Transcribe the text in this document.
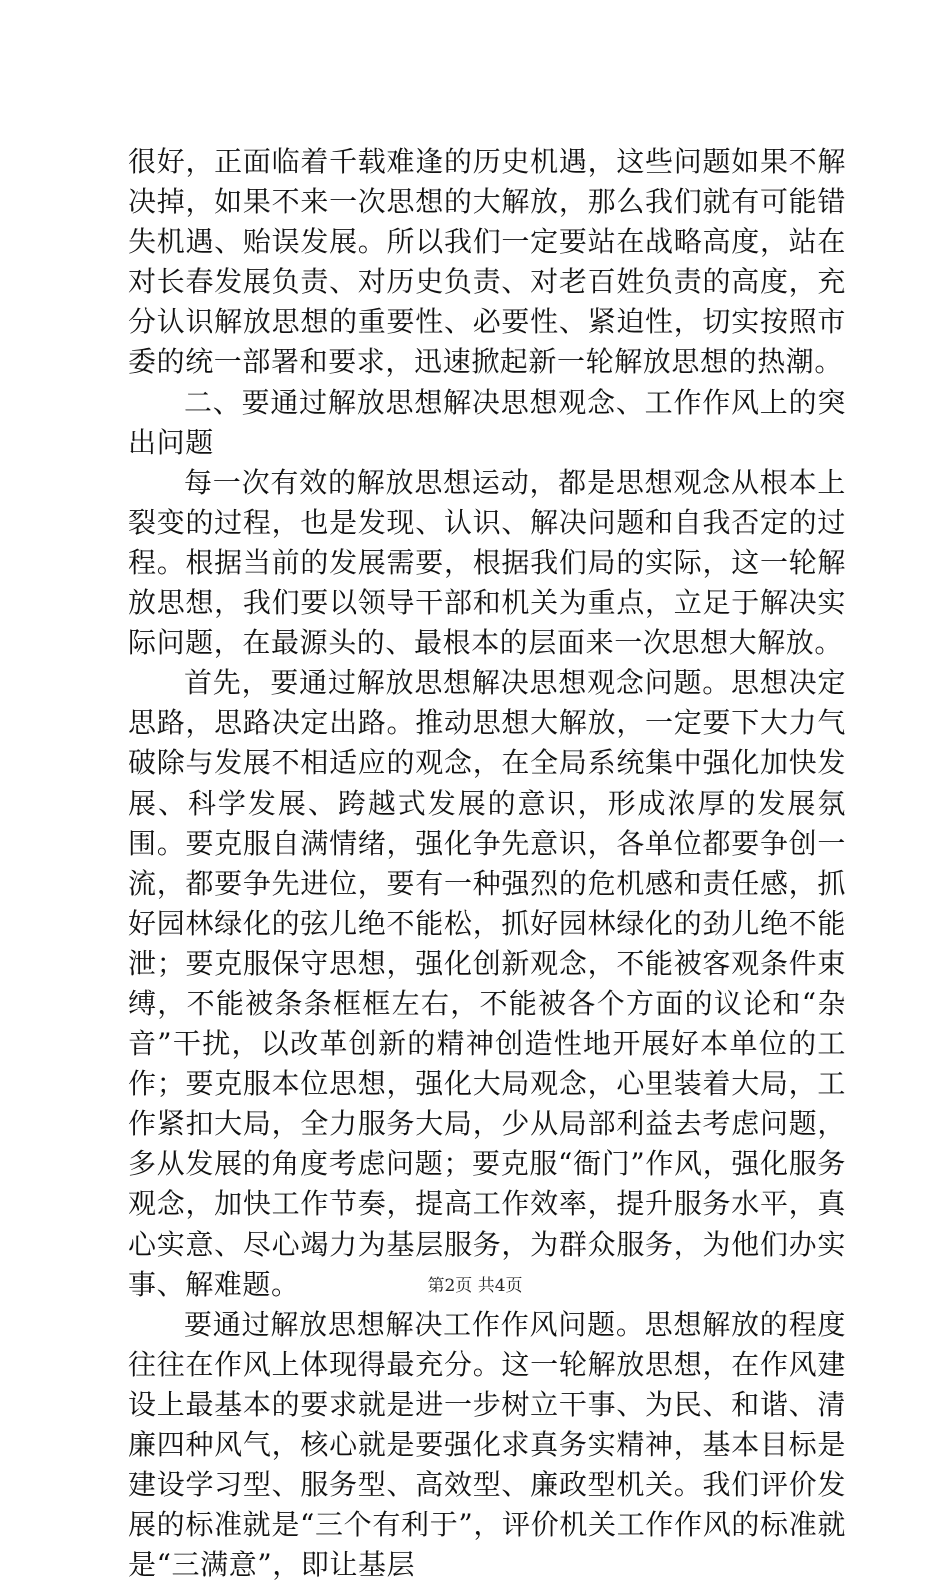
很好，正面临着千载难逢的历史机遇，这些问题如果不解决掉，如果不来一次思想的大解放，那么我们就有可能错失机遇、贻误发展。所以我们一定要站在战略高度，站在对长春发展负责、对历史负责、对老百姓负责的高度，充分认识解放思想的重要性、必要性、紧迫性，切实按照市委的统一部署和要求，迅速掀起新一轮解放思想的热潮。

二、要通过解放思想解决思想观念、工作作风上的突出问题

每一次有效的解放思想运动，都是思想观念从根本上裂变的过程，也是发现、认识、解决问题和自我否定的过程。根据当前的发展需要，根据我们局的实际，这一轮解放思想，我们要以领导干部和机关为重点，立足于解决实际问题，在最源头的、最根本的层面来一次思想大解放。

首先，要通过解放思想解决思想观念问题。思想决定思路，思路决定出路。推动思想大解放，一定要下大力气破除与发展不相适应的观念，在全局系统集中强化加快发展、科学发展、跨越式发展的意识，形成浓厚的发展氛围。要克服自满情绪，强化争先意识，各单位都要争创一流，都要争先进位，要有一种强烈的危机感和责任感，抓好园林绿化的弦儿绝不能松，抓好园林绿化的劲儿绝不能泄；要克服保守思想，强化创新观念，不能被客观条件束缚，不能被条条框框左右，不能被各个方面的议论和“杂音”干扰，以改革创新的精神创造性地开展好本单位的工作；要克服本位思想，强化大局观念，心里装着大局，工作紧扣大局，全力服务大局，少从局部利益去考虑问题，多从发展的角度考虑问题；要克服“衙门”作风，强化服务观念，加快工作节奏，提高工作效率，提升服务水平，真心实意、尽心竭力为基层服务，为群众服务，为他们办实事、解难题。

要通过解放思想解决工作作风问题。思想解放的程度往往在作风上体现得最充分。这一轮解放思想，在作风建设上最基本的要求就是进一步树立干事、为民、和谐、清廉四种风气，核心就是要强化求真务实精神，基本目标是建设学习型、服务型、高效型、廉政型机关。我们评价发展的标准就是“三个有利于”，评价机关工作作风的标准就是“三满意”，即让基层

第2页 共4页
